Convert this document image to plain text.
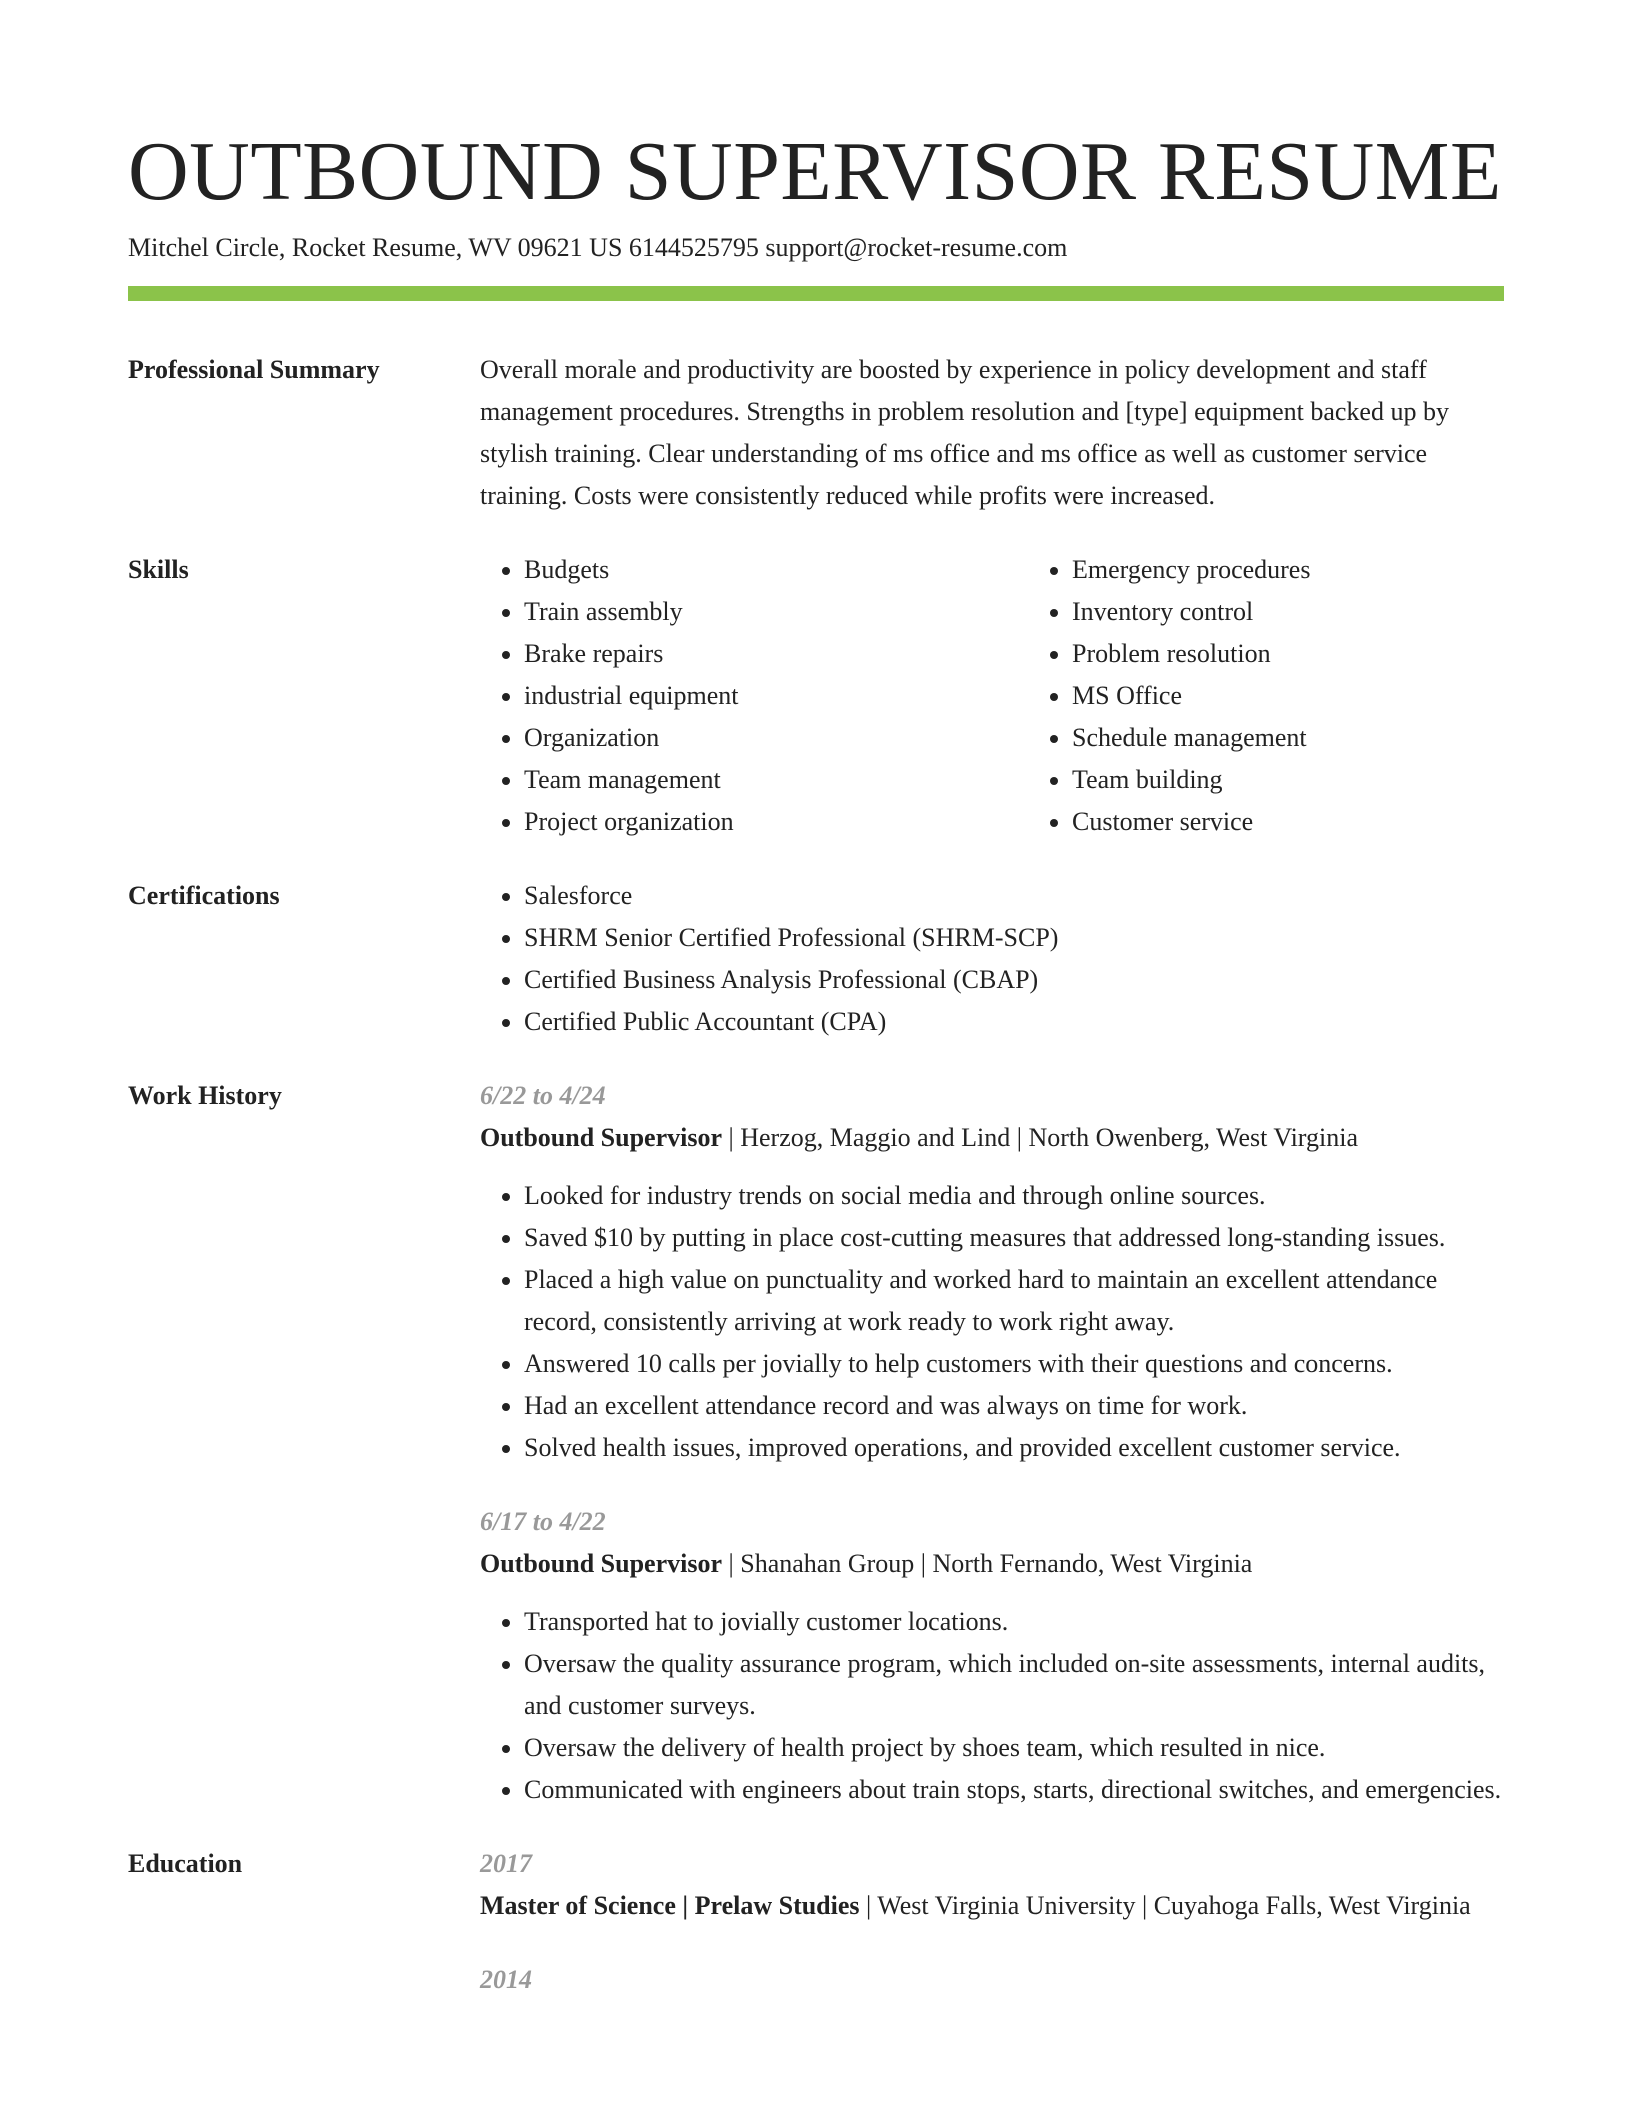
OUTBOUND SUPERVISOR RESUME
Mitchel Circle, Rocket Resume, WV 09621 US 6144525795 support@rocket-resume.com
Professional Summary	Overall morale and productivity are boosted by experience in policy development and staff management procedures. Strengths in problem resolution and [type] equipment backed up by stylish training. Clear understanding of ms office and ms office as well as customer service training. Costs were consistently reduced while profits were increased.

Skills	• Budgets
• Train assembly
• Brake repairs
• industrial equipment
• Organization
• Team management
• Project organization
• Emergency procedures
• Inventory control
• Problem resolution
• MS Office
• Schedule management
• Team building
• Customer service
Certifications	• Salesforce
• SHRM Senior Certified Professional (SHRM-SCP)
• Certified Business Analysis Professional (CBAP)
• Certified Public Accountant (CPA)
Work History	6/22 to 4/24
Outbound Supervisor | Herzog, Maggio and Lind | North Owenberg, West Virginia
• Looked for industry trends on social media and through online sources.
• Saved $10 by putting in place cost-cutting measures that addressed long-standing issues.
• Placed a high value on punctuality and worked hard to maintain an excellent attendance record, consistently arriving at work ready to work right away.
• Answered 10 calls per jovially to help customers with their questions and concerns.
• Had an excellent attendance record and was always on time for work.
• Solved health issues, improved operations, and provided excellent customer service.
6/17 to 4/22
Outbound Supervisor | Shanahan Group | North Fernando, West Virginia
• Transported hat to jovially customer locations.
• Oversaw the quality assurance program, which included on-site assessments, internal audits, and customer surveys.
• Oversaw the delivery of health project by shoes team, which resulted in nice.
• Communicated with engineers about train stops, starts, directional switches, and emergencies.
Education	2017
Master of Science | Prelaw Studies | West Virginia University | Cuyahoga Falls, West Virginia
2014
